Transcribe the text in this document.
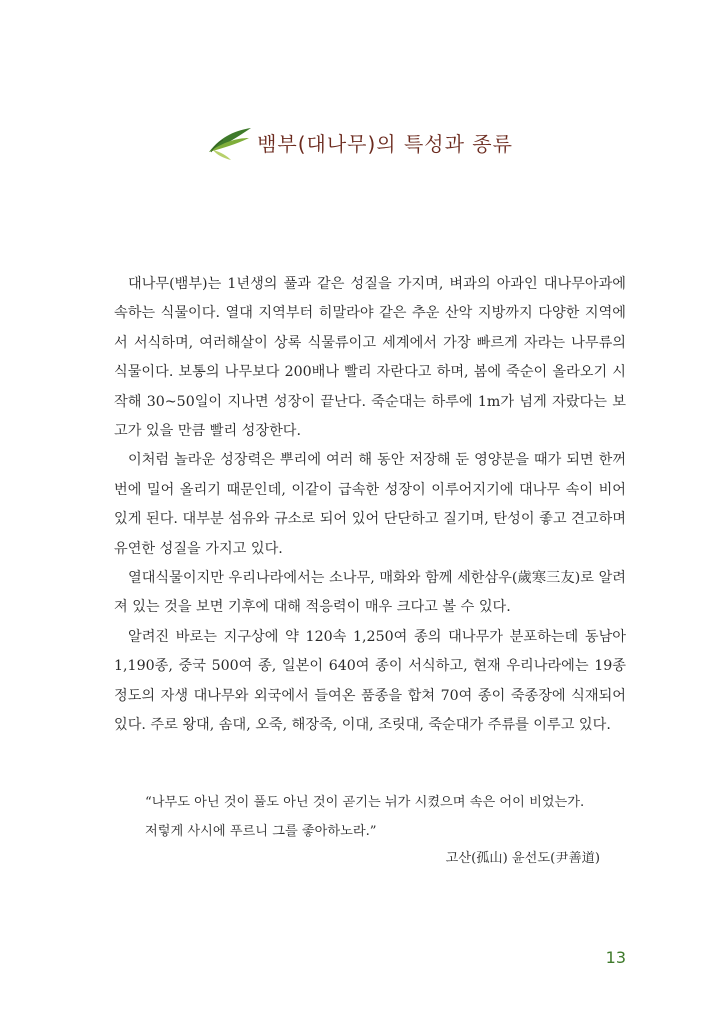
뱀부(대나무)의 특성과 종류

대나무(뱀부)는 1년생의 풀과 같은 성질을 가지며, 벼과의 아과인 대나무아과에 속하는 식물이다. 열대 지역부터 히말라야 같은 추운 산악 지방까지 다양한 지역에서 서식하며, 여러해살이 상록 식물류이고 세계에서 가장 빠르게 자라는 나무류의 식물이다. 보통의 나무보다 200배나 빨리 자란다고 하며, 봄에 죽순이 올라오기 시작해 30~50일이 지나면 성장이 끝난다. 죽순대는 하루에 1m가 넘게 자랐다는 보고가 있을 만큼 빨리 성장한다.

이처럼 놀라운 성장력은 뿌리에 여러 해 동안 저장해 둔 영양분을 때가 되면 한꺼번에 밀어 올리기 때문인데, 이같이 급속한 성장이 이루어지기에 대나무 속이 비어 있게 된다. 대부분 섬유와 규소로 되어 있어 단단하고 질기며, 탄성이 좋고 견고하며 유연한 성질을 가지고 있다.

열대식물이지만 우리나라에서는 소나무, 매화와 함께 세한삼우(歲寒三友)로 알려져 있는 것을 보면 기후에 대해 적응력이 매우 크다고 볼 수 있다.

알려진 바로는 지구상에 약 120속 1,250여 종의 대나무가 분포하는데 동남아 1,190종, 중국 500여 종, 일본이 640여 종이 서식하고, 현재 우리나라에는 19종 정도의 자생 대나무와 외국에서 들여온 품종을 합쳐 70여 종이 죽종장에 식재되어 있다. 주로 왕대, 솜대, 오죽, 해장죽, 이대, 조릿대, 죽순대가 주류를 이루고 있다.

“나무도 아닌 것이 풀도 아닌 것이 곧기는 뉘가 시켰으며 속은 어이 비었는가.
저렇게 사시에 푸르니 그를 좋아하노라.”
고산(孤山) 윤선도(尹善道)
13
